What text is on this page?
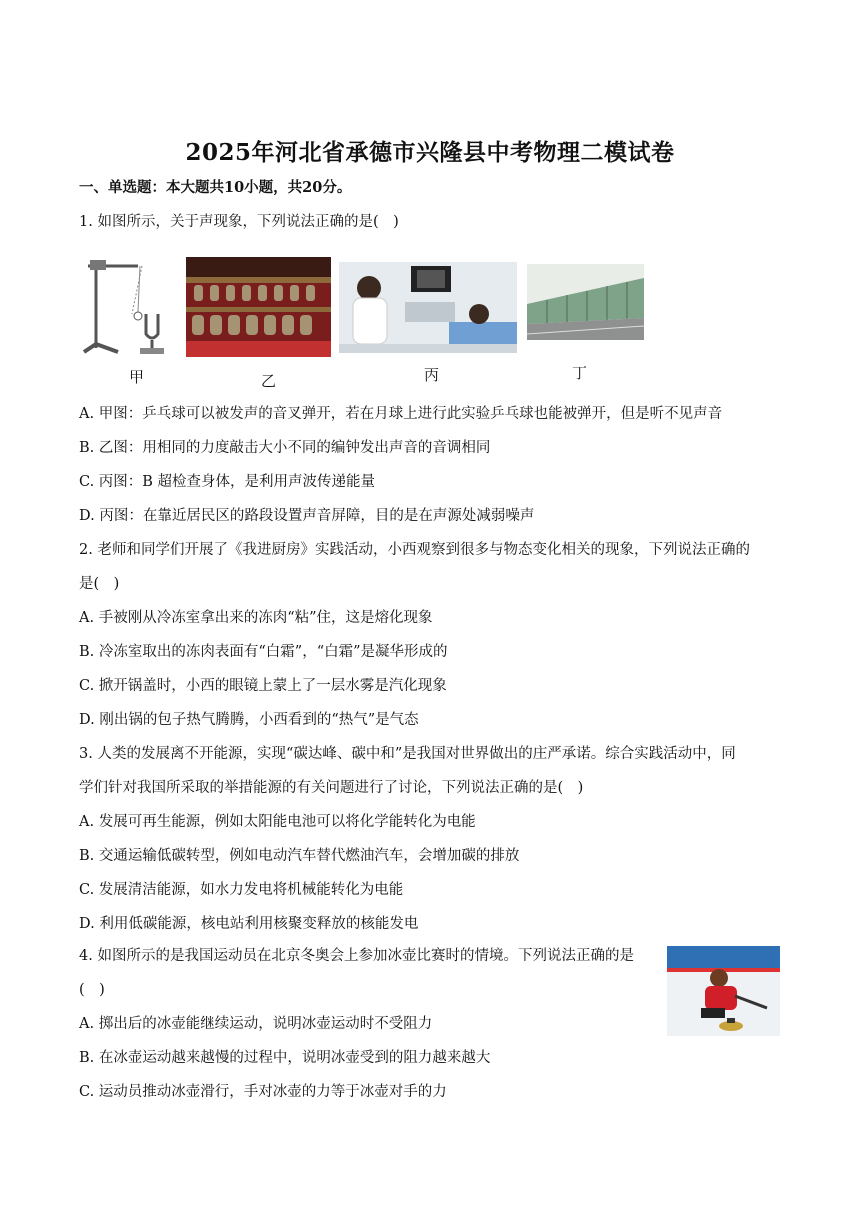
2025年河北省承德市兴隆县中考物理二模试卷
一、单选题：本大题共10小题，共20分。
1. 如图所示，关于声现象，下列说法正确的是(　)
甲	乙	丙	丁
A. 甲图：乒乓球可以被发声的音叉弹开，若在月球上进行此实验乒乓球也能被弹开，但是听不见声音
B. 乙图：用相同的力度敲击大小不同的编钟发出声音的音调相同
C. 丙图：B 超检查身体，是利用声波传递能量
D. 丙图：在靠近居民区的路段设置声音屏障，目的是在声源处减弱噪声
2. 老师和同学们开展了《我进厨房》实践活动，小西观察到很多与物态变化相关的现象，下列说法正确的
是(　)
A. 手被刚从冷冻室拿出来的冻肉“粘”住，这是熔化现象
B. 冷冻室取出的冻肉表面有“白霜”，“白霜”是凝华形成的
C. 掀开锅盖时，小西的眼镜上蒙上了一层水雾是汽化现象
D. 刚出锅的包子热气腾腾，小西看到的“热气”是气态
3. 人类的发展离不开能源，实现“碳达峰、碳中和”是我国对世界做出的庄严承诺。综合实践活动中，同
学们针对我国所采取的举措能源的有关问题进行了讨论，下列说法正确的是(　)
A. 发展可再生能源，例如太阳能电池可以将化学能转化为电能
B. 交通运输低碳转型，例如电动汽车替代燃油汽车，会增加碳的排放
C. 发展清洁能源，如水力发电将机械能转化为电能
D. 利用低碳能源，核电站利用核聚变释放的核能发电
4. 如图所示的是我国运动员在北京冬奥会上参加冰壶比赛时的情境。下列说法正确的是
(　)
A. 掷出后的冰壶能继续运动，说明冰壶运动时不受阻力
B. 在冰壶运动越来越慢的过程中，说明冰壶受到的阻力越来越大
C. 运动员推动冰壶滑行，手对冰壶的力等于冰壶对手的力
